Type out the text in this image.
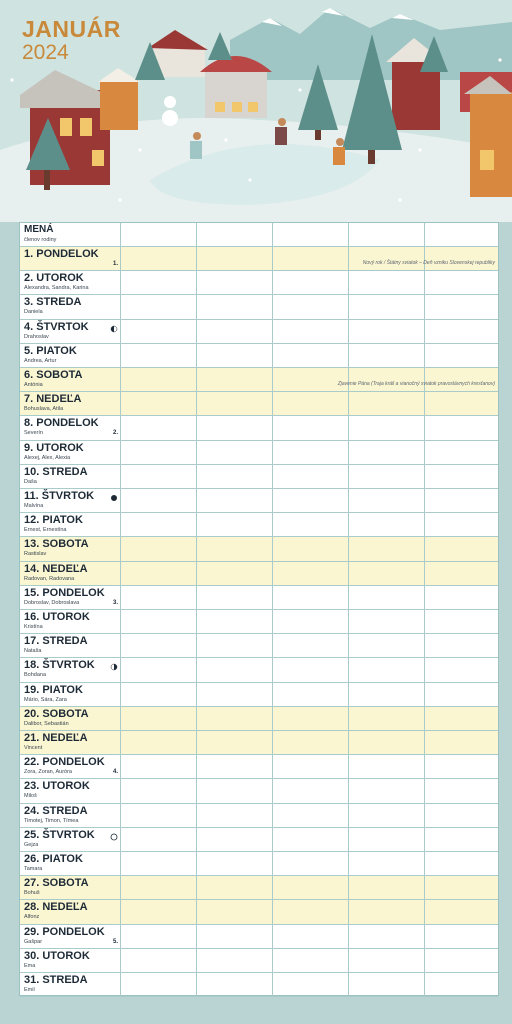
JANUÁR
2024
MENÁ
členov rodiny
1. PONDELOK
1.	Nový rok / Štátny sviatok – Deň vzniku Slovenskej republiky
2. UTOROK
Alexandra, Sandra, Karina
3. STREDA
Daniela
4. ŠTVRTOK
Drahoslav
5. PIATOK
Andrea, Artur
6. SOBOTA
Antónia	Zjavenie Pána (Traja králi a vianočný sviatok pravoslávnych kresťanov)
7. NEDEĽA
Bohuslava, Atila
8. PONDELOK
Severín	2.
9. UTOROK
Alexej, Alex, Alexia
10. STREDA
Daša
11. ŠTVRTOK
Malvína
12. PIATOK
Ernest, Ernestína
13. SOBOTA
Rastislav
14. NEDEĽA
Radovan, Radovana
15. PONDELOK
Dobroslav, Dobroslava	3.
16. UTOROK
Kristína
17. STREDA
Nataša
18. ŠTVRTOK
Bohdana
19. PIATOK
Mário, Sára, Zara
20. SOBOTA
Dalibor, Sebastián
21. NEDEĽA
Vincent
22. PONDELOK
Zora, Zoran, Auróra	4.
23. UTOROK
Miloš
24. STREDA
Timotej, Timon, Tímea
25. ŠTVRTOK
Gejza
26. PIATOK
Tamara
27. SOBOTA
Bohuš
28. NEDEĽA
Alfonz
29. PONDELOK
Gašpar	5.
30. UTOROK
Ema
31. STREDA
Emil
